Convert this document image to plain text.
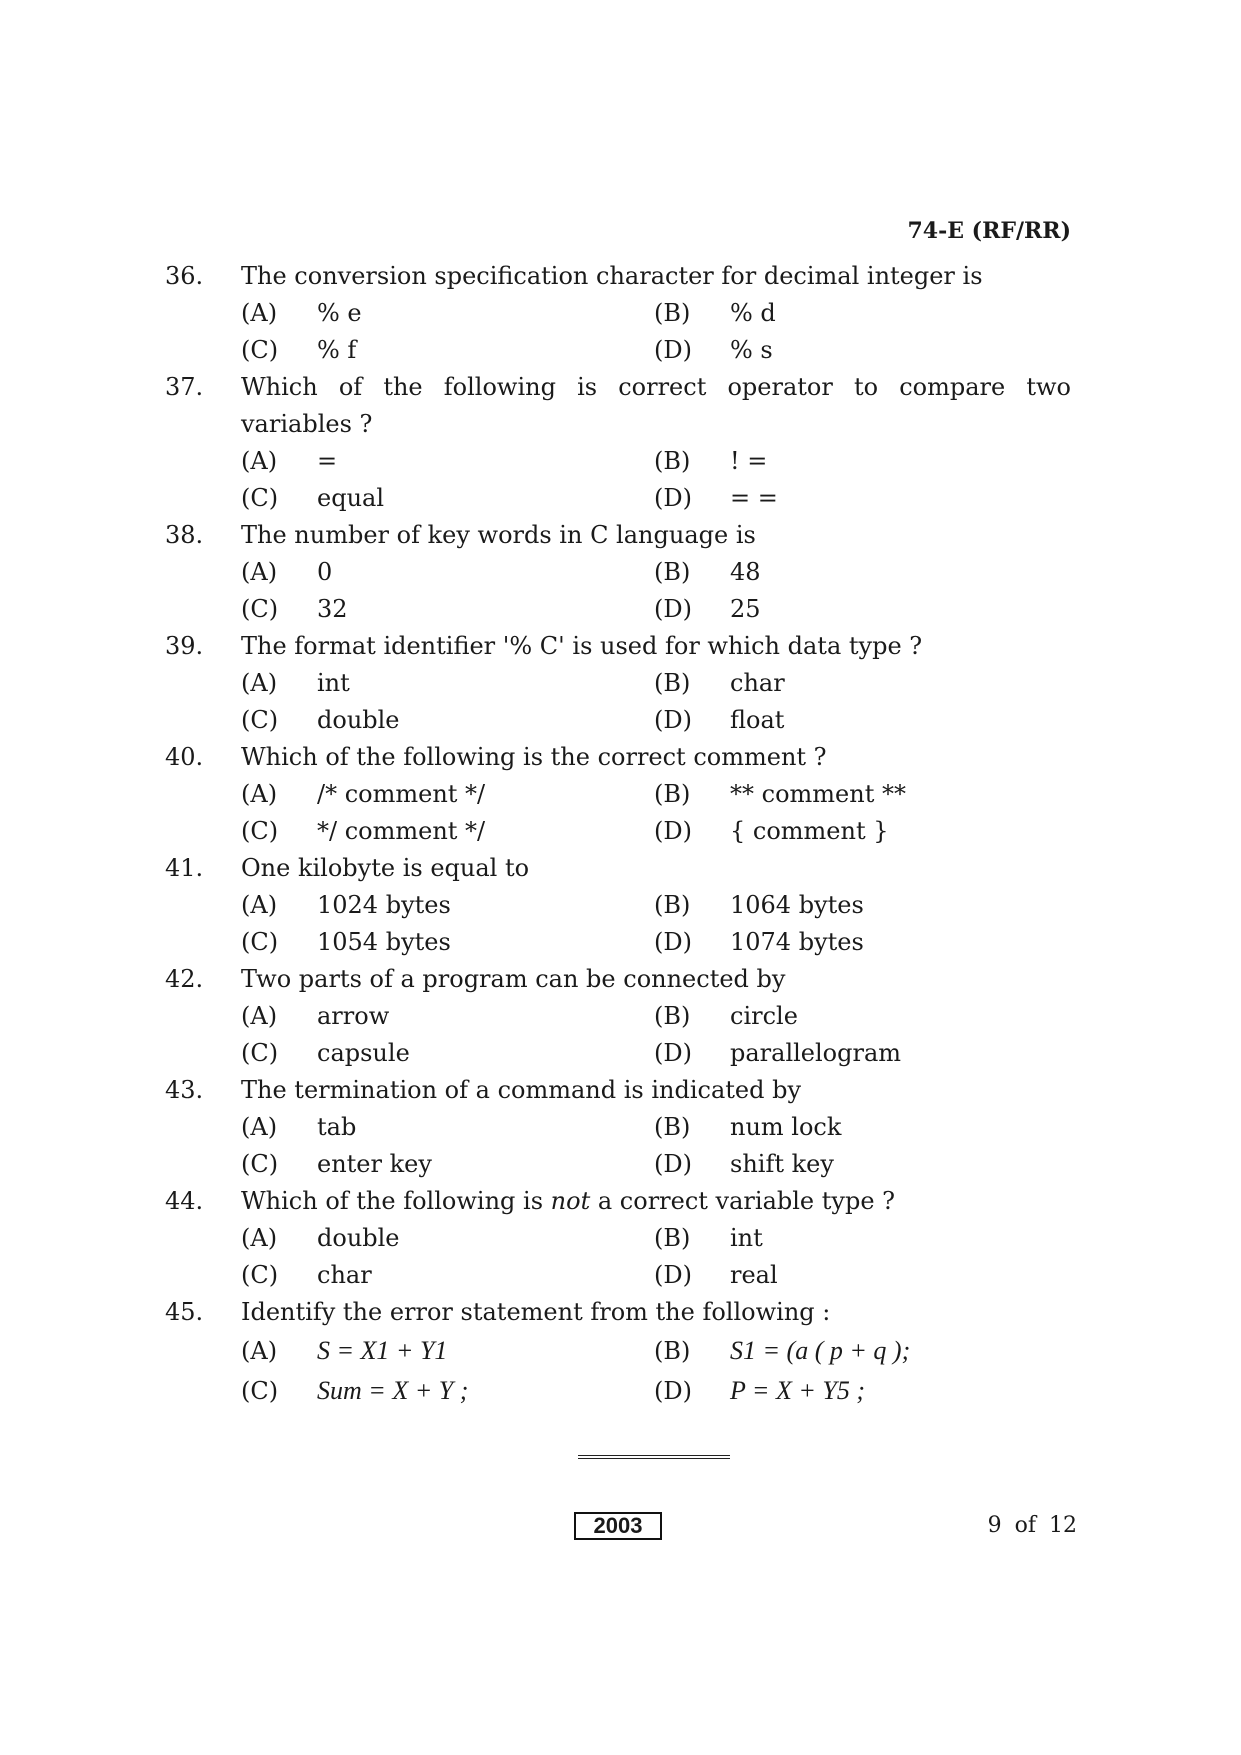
74-E (RF/RR)
36.	The conversion specification character for decimal integer is
(A)	% e	(B)	% d
(C)	% f	(D)	% s
37.	Which of the following is correct operator to compare two
variables ?
(A)	=	(B)	! =
(C)	equal	(D)	= =
38.	The number of key words in C language is
(A)	0	(B)	48
(C)	32	(D)	25
39.	The format identifier '% C' is used for which data type ?
(A)	int	(B)	char
(C)	double	(D)	float
40.	Which of the following is the correct comment ?
(A)	/* comment */	(B)	** comment **
(C)	*/ comment */	(D)	{ comment }
41.	One kilobyte is equal to
(A)	1024 bytes	(B)	1064 bytes
(C)	1054 bytes	(D)	1074 bytes
42.	Two parts of a program can be connected by
(A)	arrow	(B)	circle
(C)	capsule	(D)	parallelogram
43.	The termination of a command is indicated by
(A)	tab	(B)	num lock
(C)	enter key	(D)	shift key
44.	Which of the following is not a correct variable type ?
(A)	double	(B)	int
(C)	char	(D)	real
45.	Identify the error statement from the following :
(A)	S = X1 + Y1	(B)	S1 = (a ( p + q );
(C)	Sum = X + Y ;	(D)	P = X + Y5 ;
2003	9 of 12
